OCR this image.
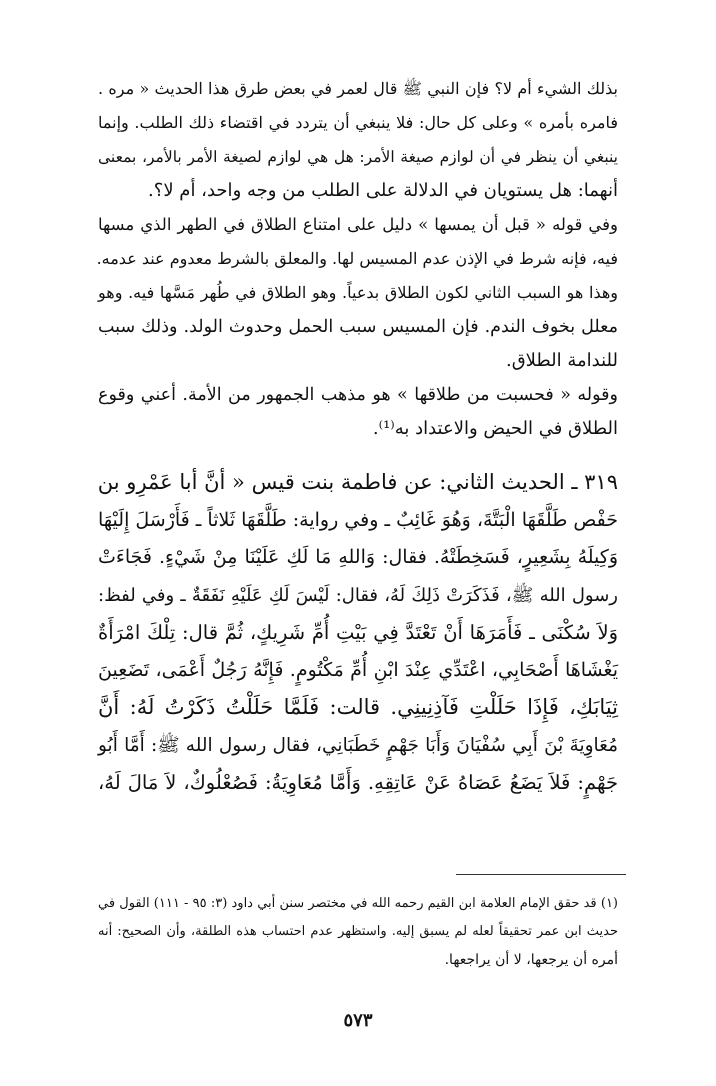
بذلك الشيء أم لا؟ فإن النبي ﷺ قال لعمر في بعض طرق هذا الحديث « مره .
فامره بأمره » وعلى كل حال: فلا ينبغي أن يتردد في اقتضاء ذلك الطلب. وإنما
ينبغي أن ينظر في أن لوازم صيغة الأمر: هل هي لوازم لصيغة الأمر بالأمر، بمعنى
أنهما: هل يستويان في الدلالة على الطلب من وجه واحد، أم لا؟.
وفي قوله « قبل أن يمسها » دليل على امتناع الطلاق في الطهر الذي مسها
فيه، فإنه شرط في الإذن عدم المسيس لها. والمعلق بالشرط معدوم عند عدمه.
وهذا هو السبب الثاني لكون الطلاق بدعياً. وهو الطلاق في طُهر مَسَّها فيه. وهو
معلل بخوف الندم. فإن المسيس سبب الحمل وحدوث الولد. وذلك سبب
للندامة الطلاق.
وقوله « فحسبت من طلاقها » هو مذهب الجمهور من الأمة. أعني وقوع
الطلاق في الحيض والاعتداد به⁽¹⁾.
٣١٩ ـ الحديث الثاني: عن فاطمة بنت قيس « أنَّ أبا عَمْرِو بن
حَفْص طَلَّقَهَا الْبَتَّةَ، وَهُوَ غَائِبٌ ـ وفي رواية: طَلَّقَهَا ثَلاثاً ـ فَأَرْسَلَ إِلَيْهَا
وَكِيلَهُ بِشَعِيرٍ، فَسَخِطَتْهُ. فقال: وَاللهِ مَا لَكِ عَلَيْنَا مِنْ شَيْءٍ. فَجَاءَتْ
رسول الله ﷺ، فَذَكَرَتْ ذَلِكَ لَهُ، فقال: لَيْسَ لَكِ عَلَيْهِ نَفَقَةٌ ـ وفي لفظ:
وَلاَ سُكْنَى ـ فَأَمَرَهَا أَنْ تَعْتَدَّ فِي بَيْتِ أُمِّ شَرِيكٍ، ثُمَّ قال: تِلْكَ امْرَأَةٌ
يَغْشَاهَا أَصْحَابِي، اعْتَدِّي عِنْدَ ابْنِ أُمِّ مَكْتُومٍ. فَإِنَّهُ رَجُلٌ أَعْمَى، تَضَعِينَ
ثِيَابَكِ، فَإِذَا حَلَلْتِ فَآذِنِينِي. قالت: فَلَمَّا حَلَلْتُ ذَكَرْتُ لَهُ: أَنَّ
مُعَاوِيَةَ بْنَ أَبِي سُفْيَانَ وَأَبَا جَهْمٍ خَطَبَانِي، فقال رسول الله ﷺ: أَمَّا أَبُو
جَهْمٍ: فَلاَ يَضَعُ عَصَاهُ عَنْ عَاتِقِهِ. وَأَمَّا مُعَاوِيَةُ: فَصُعْلُوكٌ، لاَ مَالَ لَهُ،
(١) قد حقق الإمام العلامة ابن القيم رحمه الله في مختصر سنن أبي داود (٣: ٩٥ - ١١١) القول في
حديث ابن عمر تحقيقاً لعله لم يسبق إليه. واستظهر عدم احتساب هذه الطلقة، وأن الصحيح: أنه
أمره أن يرجعها، لا أن يراجعها.
٥٧٣
